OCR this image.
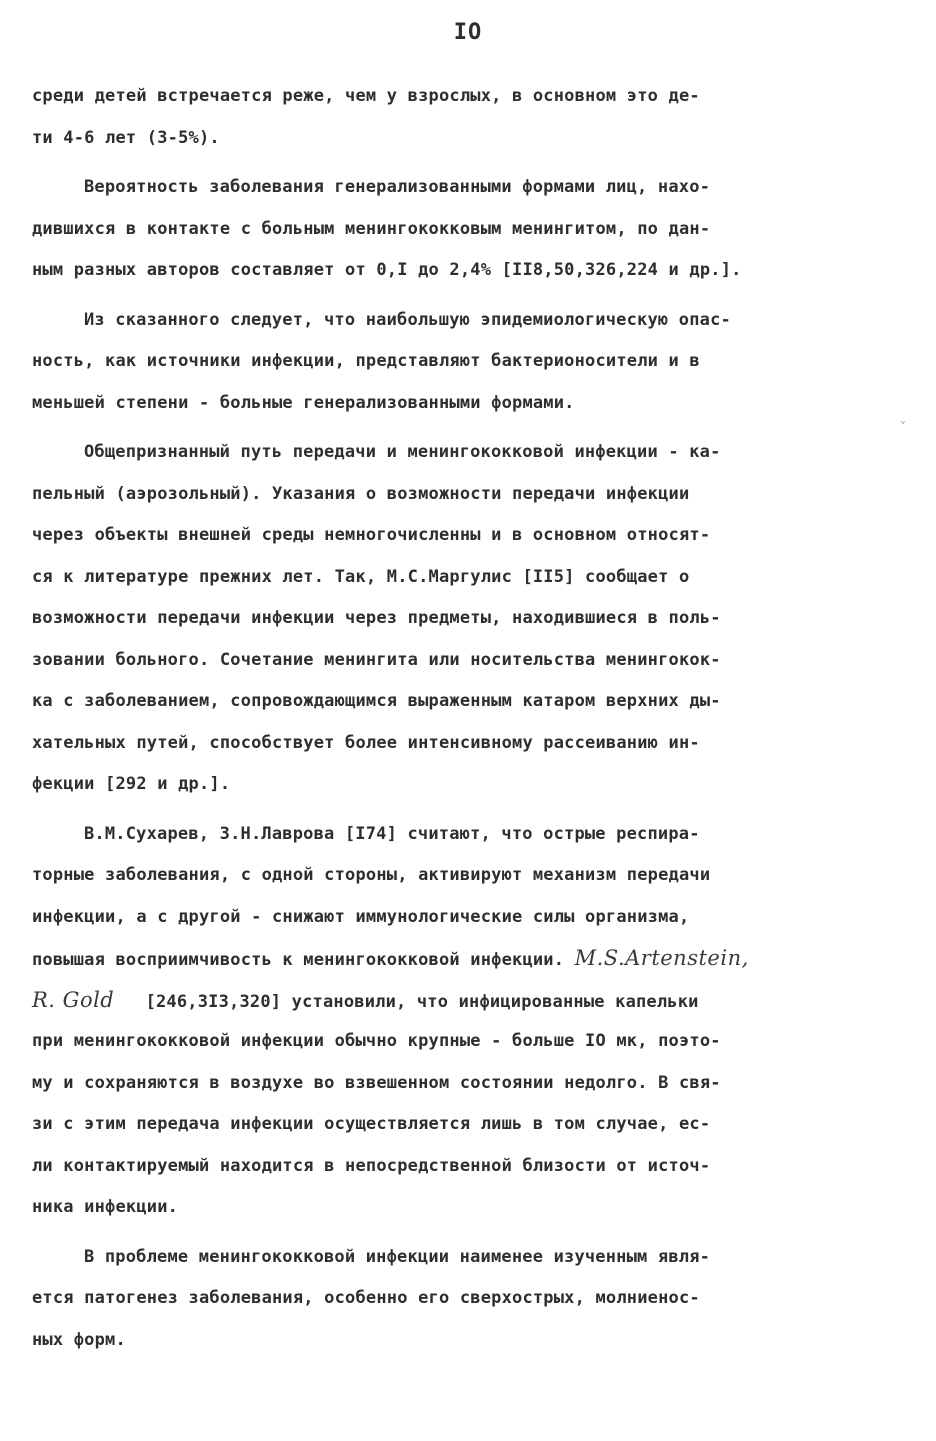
IO
˅
среди детей встречается реже, чем у взрослых, в основном это де-
ти 4-6 лет (3-5%).
Вероятность заболевания генерализованными формами лиц, нахо-
дившихся в контакте с больным менингококковым менингитом, по дан-
ным разных авторов составляет от 0,I до 2,4% [II8,50,326,224 и др.].
Из сказанного следует, что наибольшую эпидемиологическую опас-
ность, как источники инфекции, представляют бактерионосители и в
меньшей степени - больные генерализованными формами.
Общепризнанный путь передачи и менингококковой инфекции - ка-
пельный (аэрозольный). Указания о возможности передачи инфекции
через объекты внешней среды немногочисленны и в основном относят-
ся к литературе прежних лет. Так, М.С.Маргулис [II5] сообщает о
возможности передачи инфекции через предметы, находившиеся в поль-
зовании больного. Сочетание менингита или носительства менингокок-
ка с заболеванием, сопровождающимся выраженным катаром верхних ды-
хательных путей, способствует более интенсивному рассеиванию ин-
фекции [292 и др.].
В.М.Сухарев, З.Н.Лаврова [I74] считают, что острые респира-
торные заболевания, с одной стороны, активируют механизм передачи
инфекции, а с другой - снижают иммунологические силы организма,
повышая восприимчивость к менингококковой инфекции. M.S.Artenstein,
R. Gold [246,3I3,320] установили, что инфицированные капельки
при менингококковой инфекции обычно крупные - больше IO мк, поэто-
му и сохраняются в воздухе во взвешенном состоянии недолго. В свя-
зи с этим передача инфекции осуществляется лишь в том случае, ес-
ли контактируемый находится в непосредственной близости от источ-
ника инфекции.
В проблеме менингококковой инфекции наименее изученным явля-
ется патогенез заболевания, особенно его сверхострых, молниенос-
ных форм.
